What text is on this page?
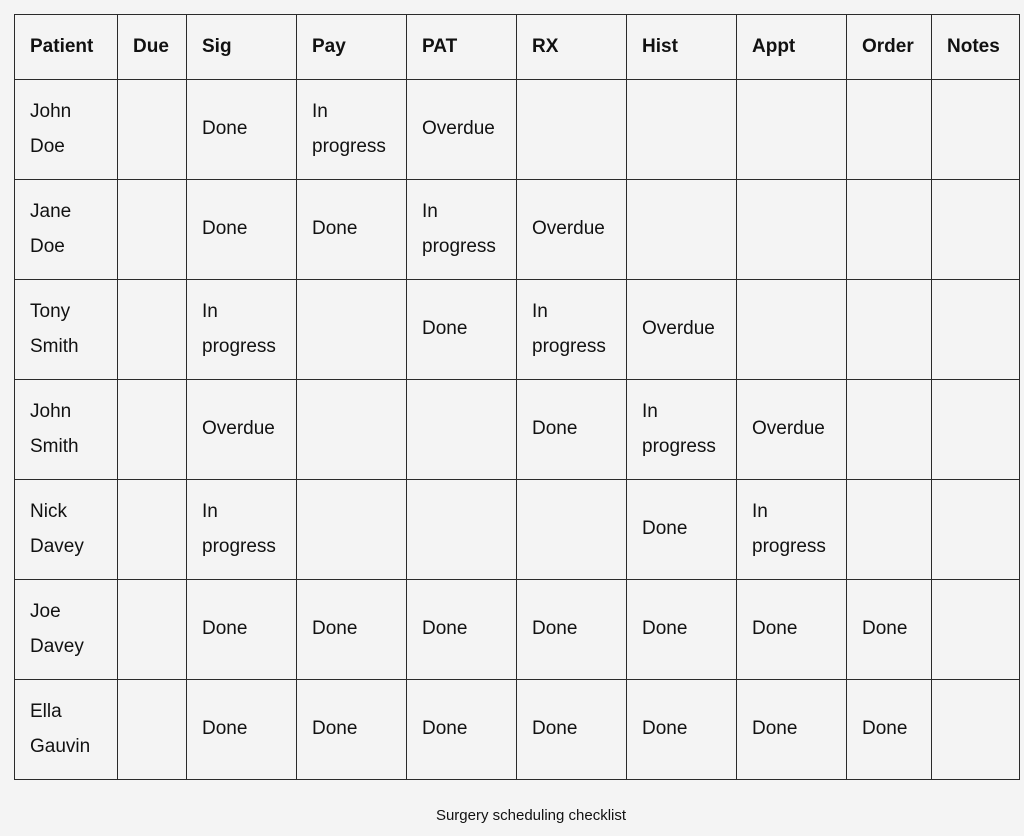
Patient	Due	Sig	Pay	PAT	RX	Hist	Appt	Order	Notes
John Doe		Done	In progress	Overdue					
Jane Doe		Done	Done	In progress	Overdue				
Tony Smith		In progress		Done	In progress	Overdue			
John Smith		Overdue			Done	In progress	Overdue		
Nick Davey		In progress				Done	In progress		
Joe Davey		Done	Done	Done	Done	Done	Done	Done	
Ella Gauvin		Done	Done	Done	Done	Done	Done	Done	
Surgery scheduling checklist
